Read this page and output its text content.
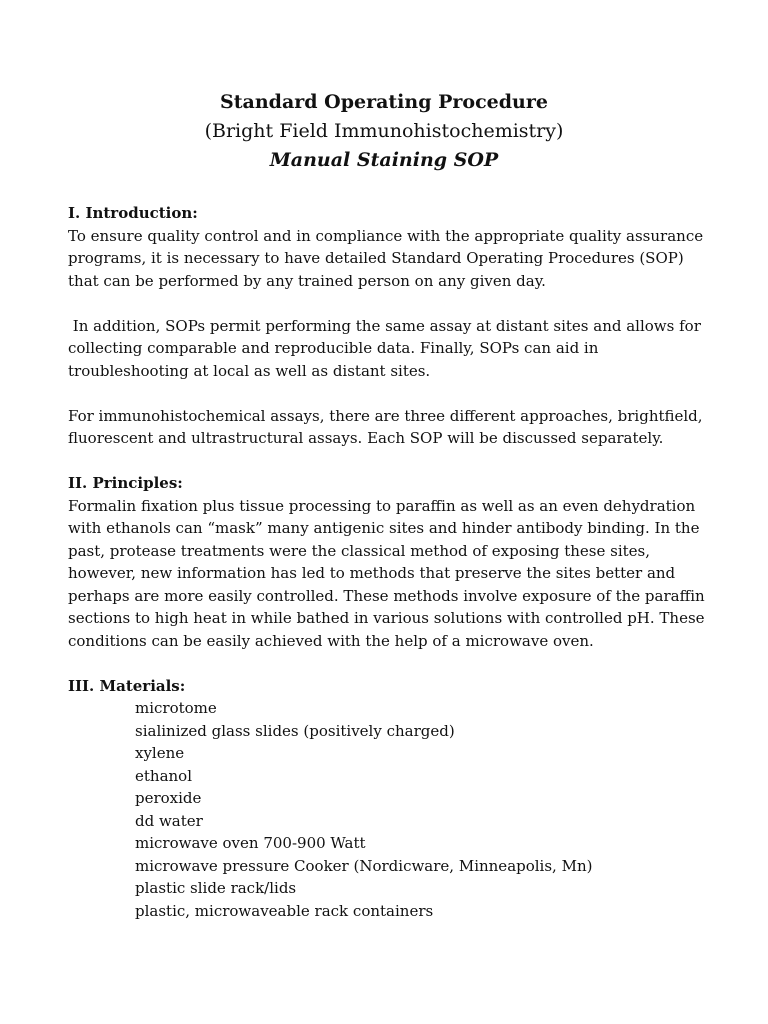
Standard Operating Procedure
(Bright Field Immunohistochemistry)
Manual Staining SOP
I. Introduction:
To ensure quality control and in compliance with the appropriate quality assurance
programs, it is necessary to have detailed Standard Operating Procedures (SOP)
that can be performed by any trained person on any given day.
In addition, SOPs permit performing the same assay at distant sites and allows for
collecting comparable and reproducible data. Finally, SOPs can aid in
troubleshooting at local as well as distant sites.
For immunohistochemical assays, there are three different approaches, brightfield,
fluorescent and ultrastructural assays. Each SOP will be discussed separately.
II. Principles:
Formalin fixation plus tissue processing to paraffin as well as an even dehydration
with ethanols can “mask” many antigenic sites and hinder antibody binding. In the
past, protease treatments were the classical method of exposing these sites,
however, new information has led to methods that preserve the sites better and
perhaps are more easily controlled. These methods involve exposure of the paraffin
sections to high heat in while bathed in various solutions with controlled pH. These
conditions can be easily achieved with the help of a microwave oven.
III. Materials:
microtome
sialinized glass slides (positively charged)
xylene
ethanol
peroxide
dd water
microwave oven 700-900 Watt
microwave pressure Cooker (Nordicware, Minneapolis, Mn)
plastic slide rack/lids
plastic, microwaveable rack containers
